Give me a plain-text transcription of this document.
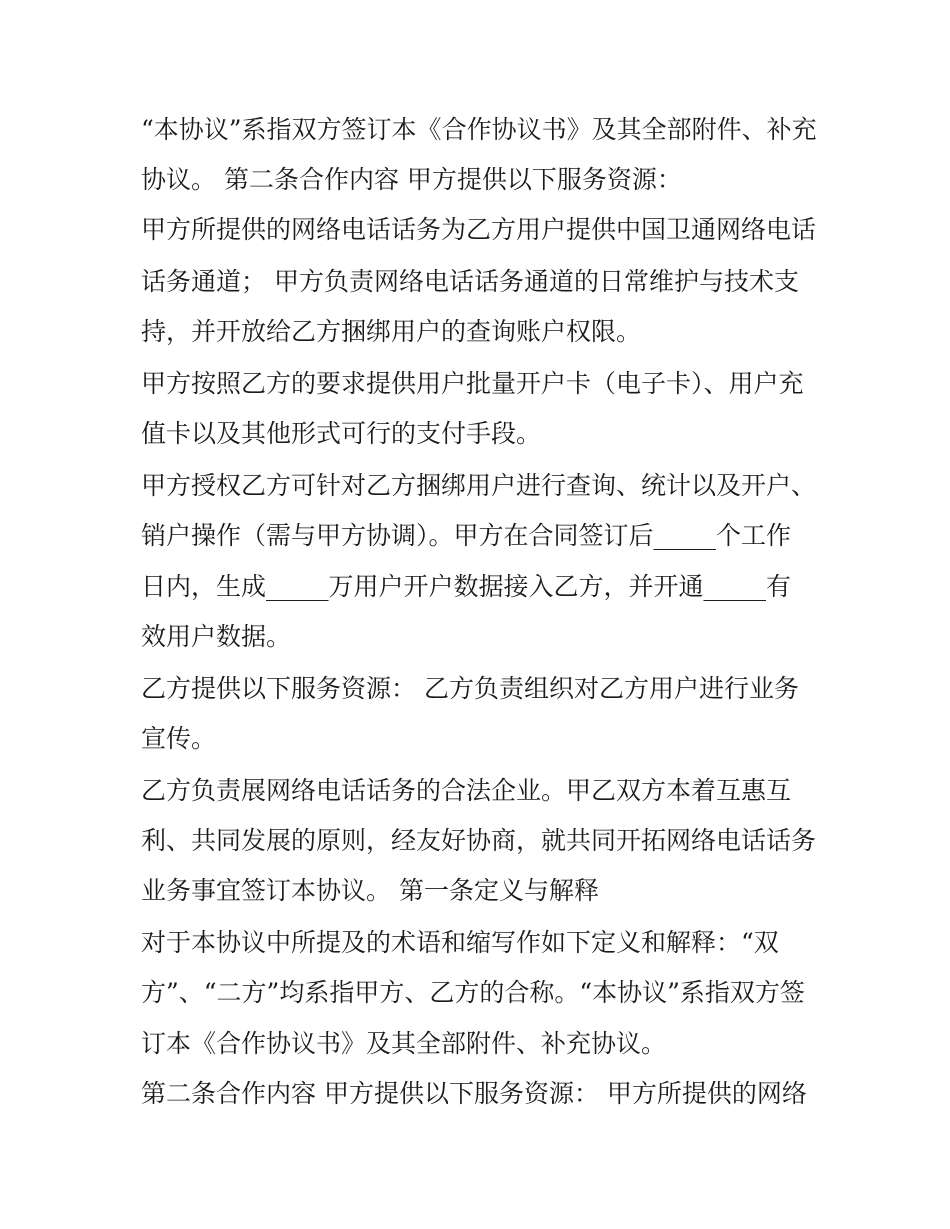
“本协议”系指双方签订本《合作协议书》及其全部附件、补充
协议。 第二条合作内容 甲方提供以下服务资源：
甲方所提供的网络电话话务为乙方用户提供中国卫通网络电话
话务通道； 甲方负责网络电话话务通道的日常维护与技术支
持，并开放给乙方捆绑用户的查询账户权限。
甲方按照乙方的要求提供用户批量开户卡（电子卡）、用户充
值卡以及其他形式可行的支付手段。
甲方授权乙方可针对乙方捆绑用户进行查询、统计以及开户、
销户操作（需与甲方协调）。甲方在合同签订后_____个工作
日内，生成_____万用户开户数据接入乙方，并开通_____有
效用户数据。
乙方提供以下服务资源： 乙方负责组织对乙方用户进行业务
宣传。
乙方负责展网络电话话务的合法企业。甲乙双方本着互惠互
利、共同发展的原则，经友好协商，就共同开拓网络电话话务
业务事宜签订本协议。 第一条定义与解释
对于本协议中所提及的术语和缩写作如下定义和解释：“双
方”、“二方”均系指甲方、乙方的合称。“本协议”系指双方签
订本《合作协议书》及其全部附件、补充协议。
第二条合作内容 甲方提供以下服务资源： 甲方所提供的网络
